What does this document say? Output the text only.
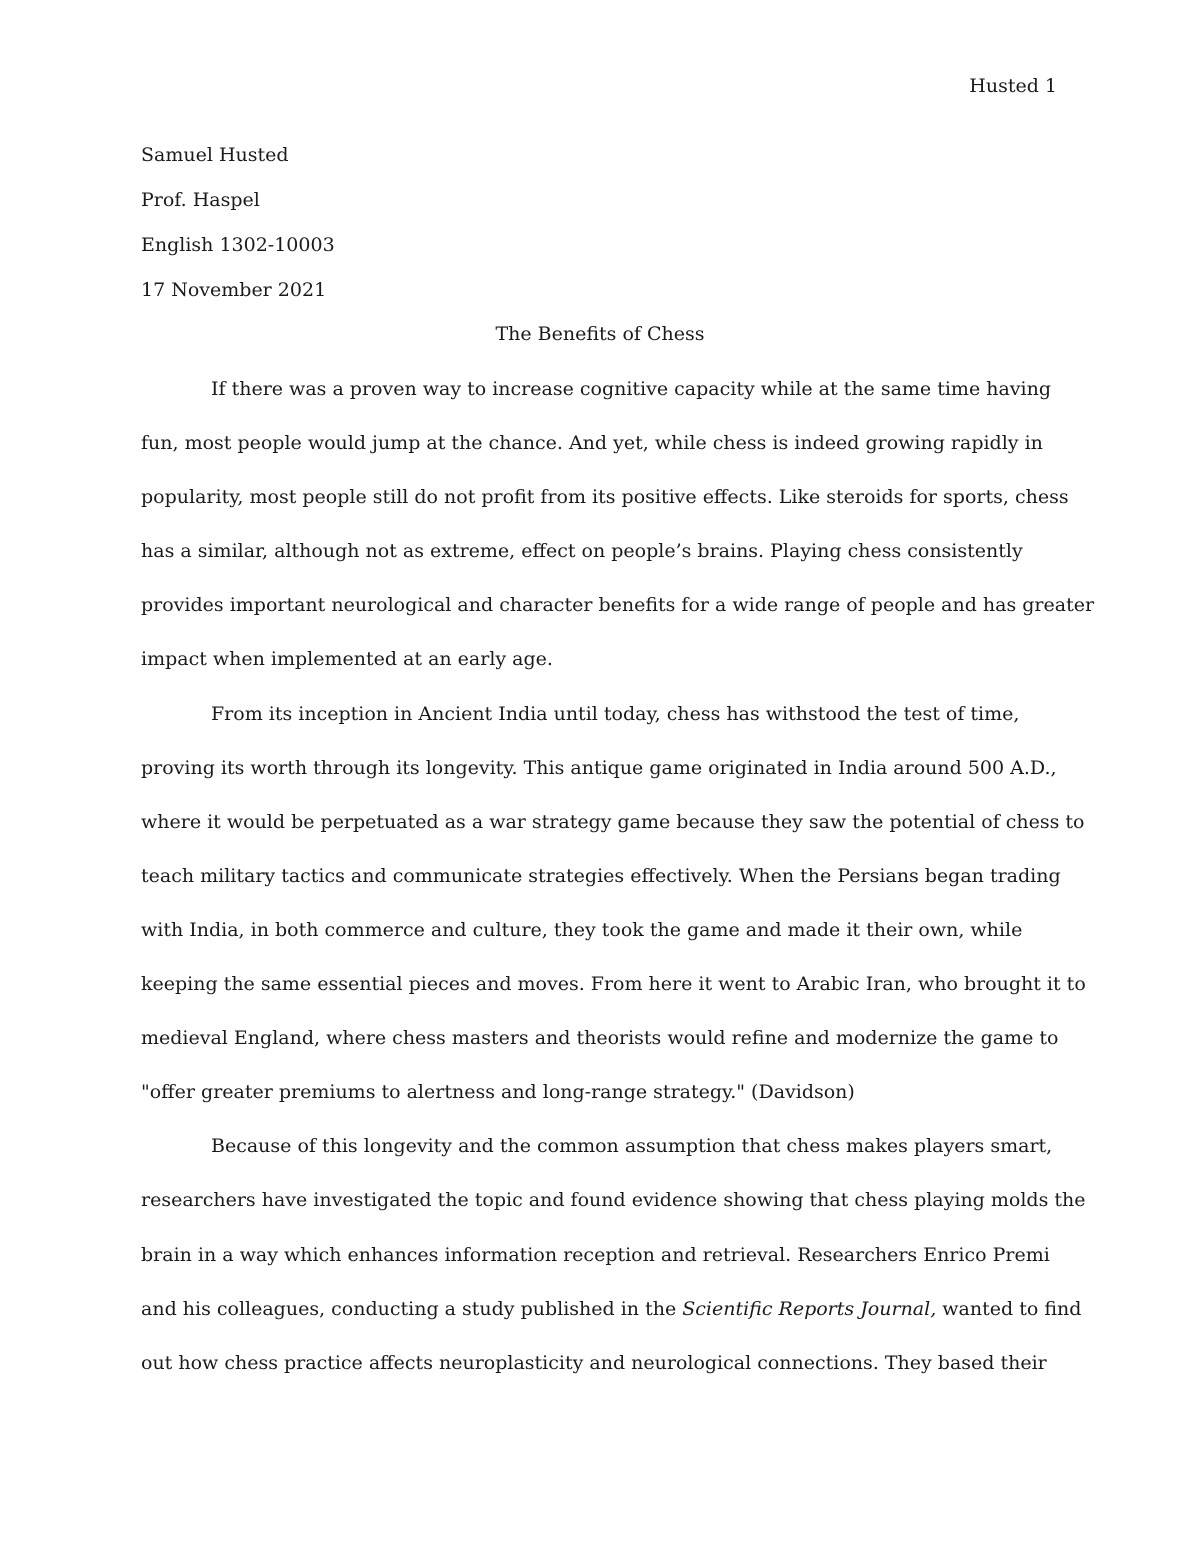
Husted 1
Samuel Husted
Prof. Haspel
English 1302-10003
17 November 2021
The Benefits of Chess
If there was a proven way to increase cognitive capacity while at the same time having
fun, most people would jump at the chance. And yet, while chess is indeed growing rapidly in
popularity, most people still do not profit from its positive effects. Like steroids for sports, chess
has a similar, although not as extreme, effect on people’s brains. Playing chess consistently
provides important neurological and character benefits for a wide range of people and has greater
impact when implemented at an early age.
From its inception in Ancient India until today, chess has withstood the test of time,
proving its worth through its longevity. This antique game originated in India around 500 A.D.,
where it would be perpetuated as a war strategy game because they saw the potential of chess to
teach military tactics and communicate strategies effectively. When the Persians began trading
with India, in both commerce and culture, they took the game and made it their own, while
keeping the same essential pieces and moves. From here it went to Arabic Iran, who brought it to
medieval England, where chess masters and theorists would refine and modernize the game to
"offer greater premiums to alertness and long-range strategy." (Davidson)
Because of this longevity and the common assumption that chess makes players smart,
researchers have investigated the topic and found evidence showing that chess playing molds the
brain in a way which enhances information reception and retrieval. Researchers Enrico Premi
and his colleagues, conducting a study published in the Scientific Reports Journal, wanted to find
out how chess practice affects neuroplasticity and neurological connections. They based their
